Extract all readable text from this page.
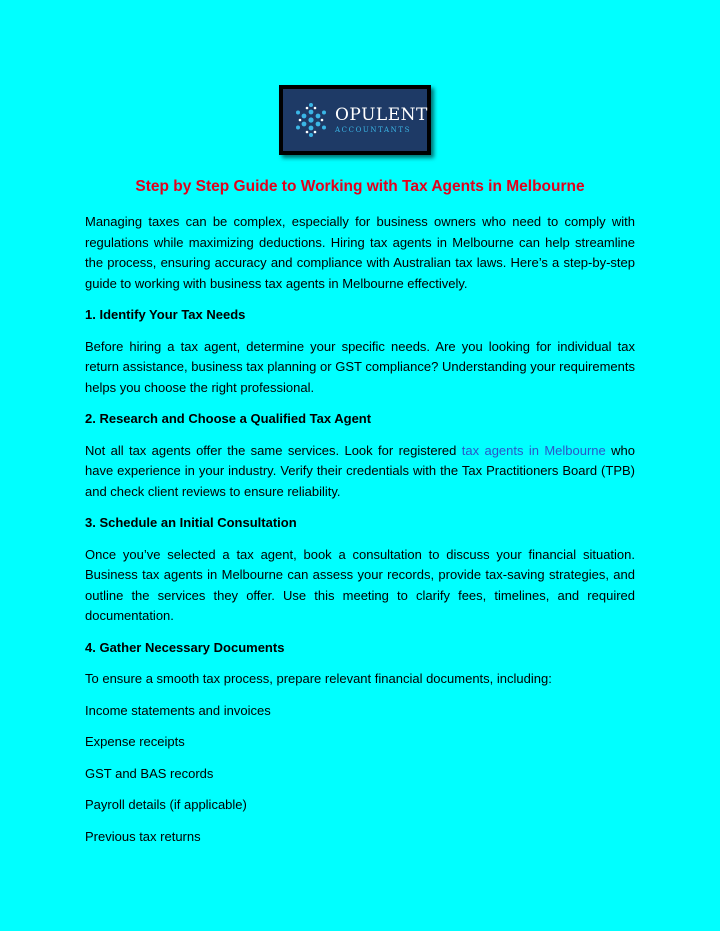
OPULENT
ACCOUNTANTS
Step by Step Guide to Working with Tax Agents in Melbourne

Managing taxes can be complex, especially for business owners who need to comply with regulations while maximizing deductions. Hiring tax agents in Melbourne can help streamline the process, ensuring accuracy and compliance with Australian tax laws. Here’s a step-by-step guide to working with business tax agents in Melbourne effectively.

1. Identify Your Tax Needs

Before hiring a tax agent, determine your specific needs. Are you looking for individual tax return assistance, business tax planning or GST compliance? Understanding your requirements helps you choose the right professional.

2. Research and Choose a Qualified Tax Agent

Not all tax agents offer the same services. Look for registered tax agents in Melbourne who have experience in your industry. Verify their credentials with the Tax Practitioners Board (TPB) and check client reviews to ensure reliability.

3. Schedule an Initial Consultation

Once you’ve selected a tax agent, book a consultation to discuss your financial situation. Business tax agents in Melbourne can assess your records, provide tax-saving strategies, and outline the services they offer. Use this meeting to clarify fees, timelines, and required documentation.

4. Gather Necessary Documents

To ensure a smooth tax process, prepare relevant financial documents, including:

Income statements and invoices
Expense receipts
GST and BAS records
Payroll details (if applicable)
Previous tax returns
